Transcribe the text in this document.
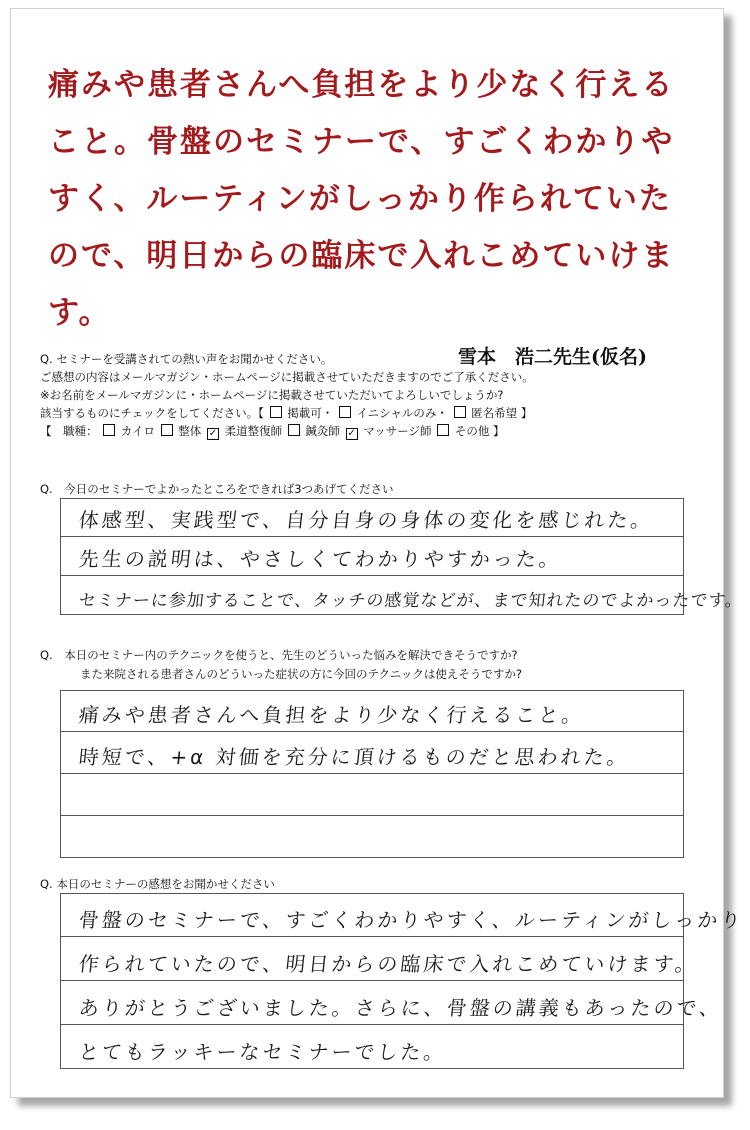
痛みや患者さんへ負担をより少なく行える

こと。骨盤のセミナーで、すごくわかりや

すく、ルーティンがしっかり作られていた

ので、明日からの臨床で入れこめていけま

す。

雪本　浩二先生(仮名)

Q. セミナーを受講されての熱い声をお聞かせください。

ご感想の内容はメールマガジン・ホームページに掲載させていただきますのでご了承ください。

※お名前をメールマガジンに・ホームページに掲載させていただいてよろしいでしょうか?

該当するものにチェックをしてください。【 掲載可・ イニシャルのみ・ 匿名希望 】

【　職種： カイロ 整体 ✓ 柔道整復師 鍼灸師 ✓ マッサージ師 その他 】

Q.　今日のセミナーでよかったところをできれば3つあげてください
体感型、実践型で、自分自身の身体の変化を感じれた。
先生の説明は、やさしくてわかりやすかった。
セミナーに参加することで、タッチの感覚などが、まで知れたのでよかったです。
Q.　本日のセミナー内のテクニックを使うと、先生のどういった悩みを解決できそうですか?
また来院される患者さんのどういった症状の方に今回のテクニックは使えそうですか?
痛みや患者さんへ負担をより少なく行えること。
時短で、+α 対価を充分に頂けるものだと思われた。
Q. 本日のセミナーの感想をお聞かせください
骨盤のセミナーで、すごくわかりやすく、ルーティンがしっかり
作られていたので、明日からの臨床で入れこめていけます。
ありがとうございました。さらに、骨盤の講義もあったので、
とてもラッキーなセミナーでした。
